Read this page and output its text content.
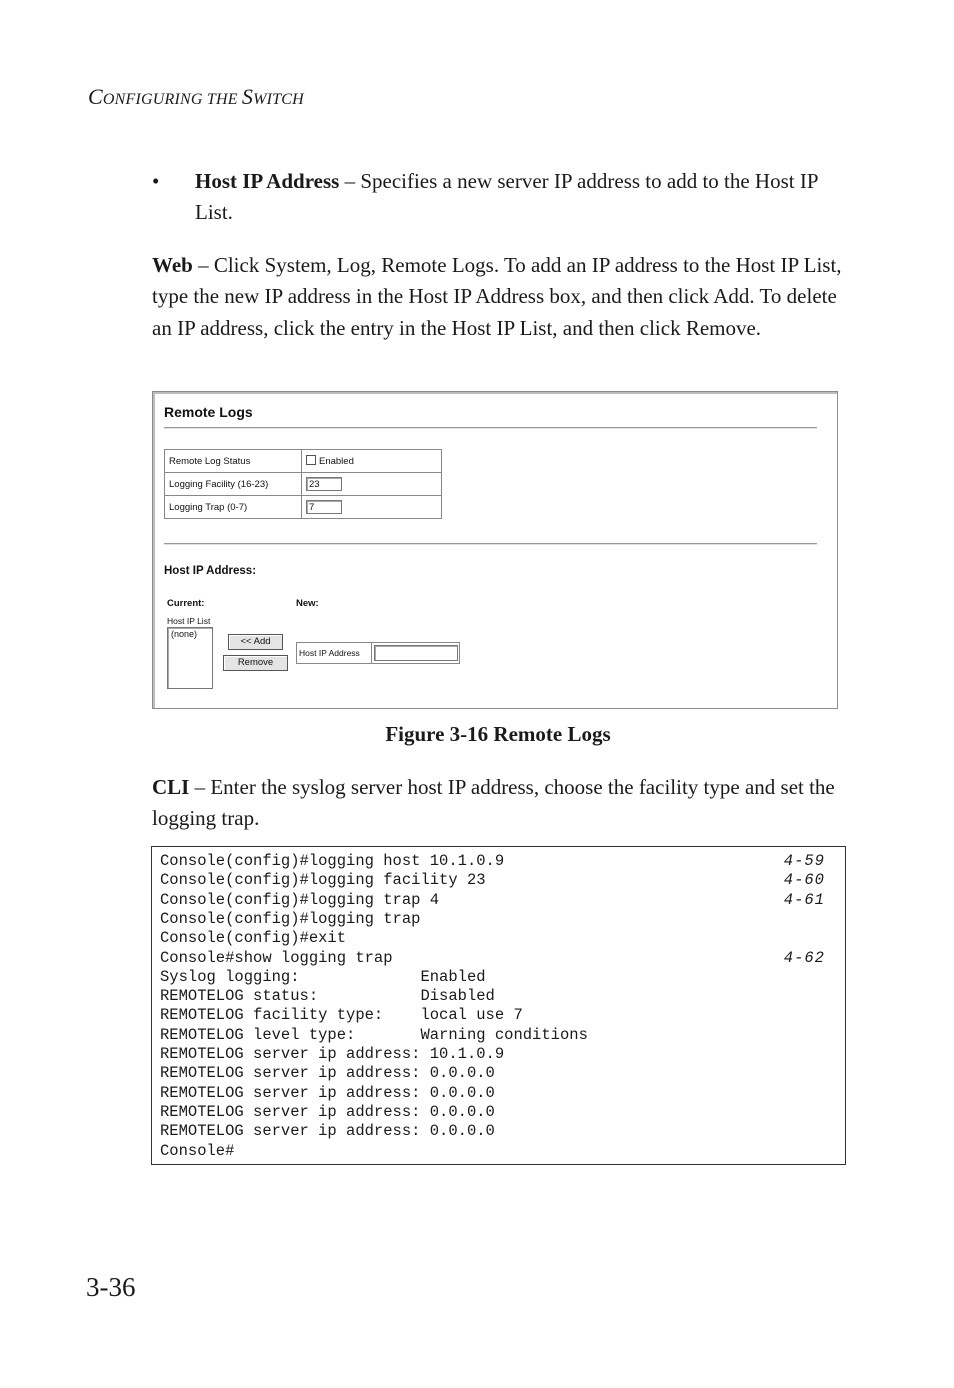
CONFIGURING THE SWITCH
• Host IP Address – Specifies a new server IP address to add to the Host IP List.
Web – Click System, Log, Remote Logs. To add an IP address to the Host IP List, type the new IP address in the Host IP Address box, and then click Add. To delete an IP address, click the entry in the Host IP List, and then click Remove.
Remote Logs
Remote Log Status	Enabled
Logging Facility (16-23)	23
Logging Trap (0-7)	7
Host IP Address:
Current:	New:
Host IP List
(none)
<< Add
Remove
Host IP Address
Figure 3-16 Remote Logs
CLI – Enter the syslog server host IP address, choose the facility type and set the logging trap.
Console(config)#logging host 10.1.0.9	4-59
Console(config)#logging facility 23	4-60
Console(config)#logging trap 4	4-61
Console(config)#logging trap
Console(config)#exit
Console#show logging trap	4-62
Syslog logging:             Enabled
REMOTELOG status:           Disabled
REMOTELOG facility type:    local use 7
REMOTELOG level type:       Warning conditions
REMOTELOG server ip address: 10.1.0.9
REMOTELOG server ip address: 0.0.0.0
REMOTELOG server ip address: 0.0.0.0
REMOTELOG server ip address: 0.0.0.0
REMOTELOG server ip address: 0.0.0.0
Console#
3-36
